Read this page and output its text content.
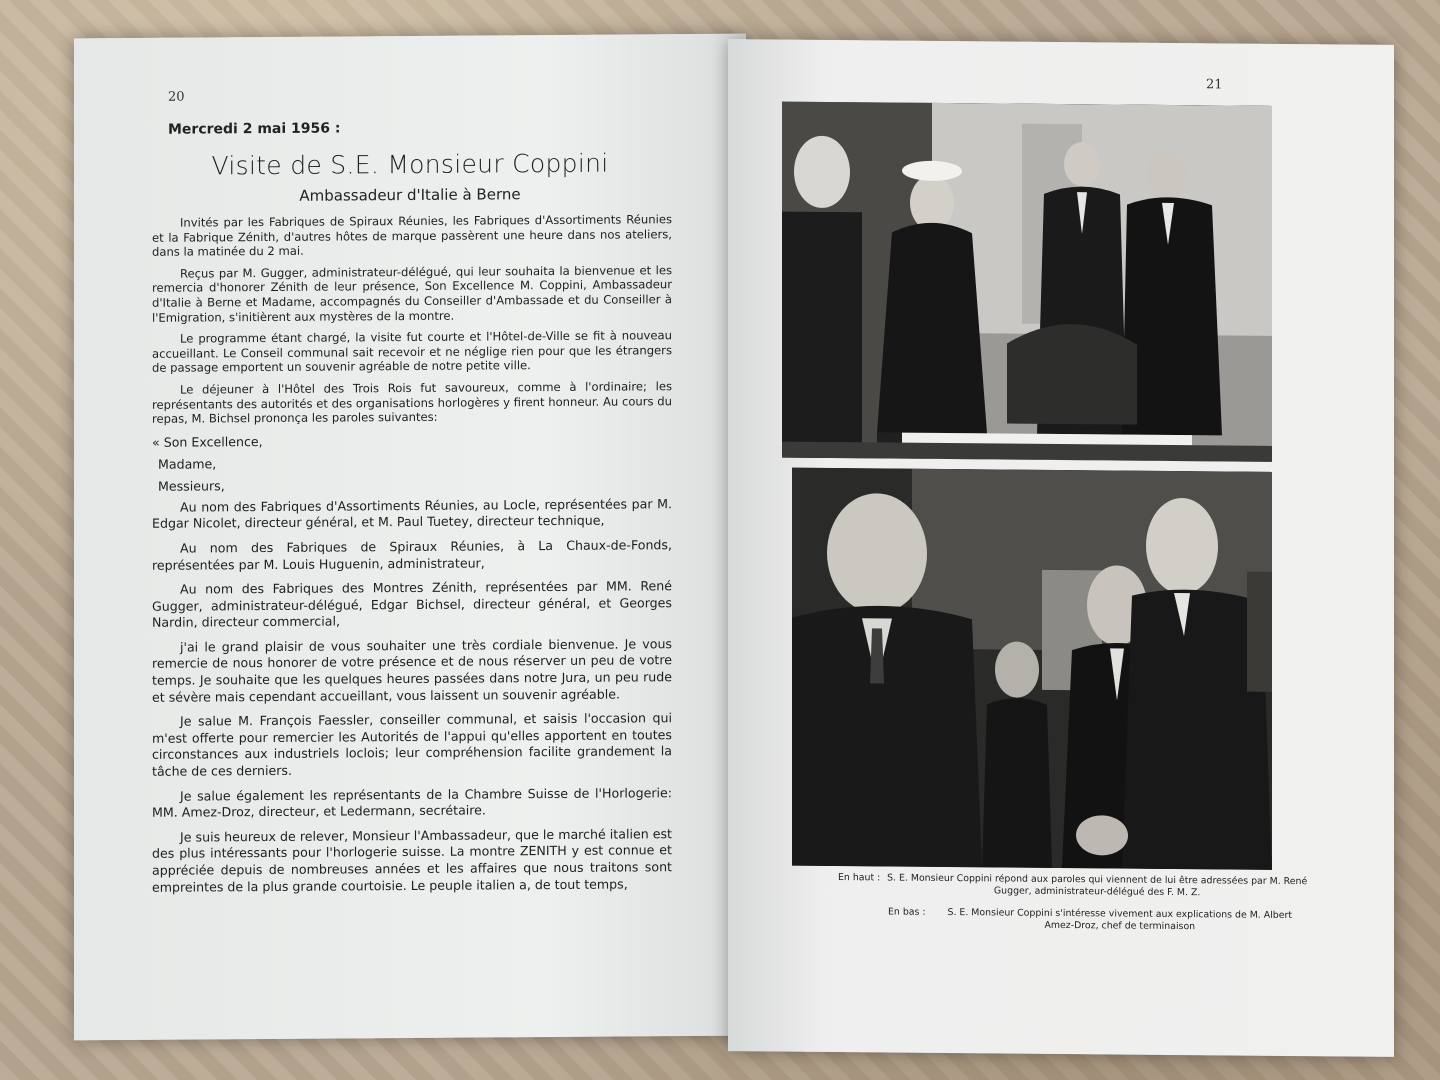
20
Mercredi 2 mai 1956 :
Visite de S.E. Monsieur Coppini
Ambassadeur d'Italie à Berne

Invités par les Fabriques de Spiraux Réunies, les Fabriques d'Assortiments Réunies et la Fabrique Zénith, d'autres hôtes de marque passèrent une heure dans nos ateliers, dans la matinée du 2 mai.

Reçus par M. Gugger, administrateur-délégué, qui leur souhaita la bienvenue et les remercia d'honorer Zénith de leur présence, Son Excellence M. Coppini, Ambassadeur d'Italie à Berne et Madame, accompagnés du Conseiller d'Ambassade et du Conseiller à l'Emigration, s'initièrent aux mystères de la montre.

Le programme étant chargé, la visite fut courte et l'Hôtel-de-Ville se fit à nouveau accueillant. Le Conseil communal sait recevoir et ne néglige rien pour que les étrangers de passage emportent un souvenir agréable de notre petite ville.

Le déjeuner à l'Hôtel des Trois Rois fut savoureux, comme à l'ordinaire; les représentants des autorités et des organisations horlogères y firent honneur. Au cours du repas, M. Bichsel prononça les paroles suivantes:

« Son Excellence,

Madame,

Messieurs,

Au nom des Fabriques d'Assortiments Réunies, au Locle, représentées par M. Edgar Nicolet, directeur général, et M. Paul Tuetey, directeur technique,

Au nom des Fabriques de Spiraux Réunies, à La Chaux-de-Fonds, représentées par M. Louis Huguenin, administrateur,

Au nom des Fabriques des Montres Zénith, représentées par MM. René Gugger, administrateur-délégué, Edgar Bichsel, directeur général, et Georges Nardin, directeur commercial,

j'ai le grand plaisir de vous souhaiter une très cordiale bienvenue. Je vous remercie de nous honorer de votre présence et de nous réserver un peu de votre temps. Je souhaite que les quelques heures passées dans notre Jura, un peu rude et sévère mais cependant accueillant, vous laissent un souvenir agréable.

Je salue M. François Faessler, conseiller communal, et saisis l'occasion qui m'est offerte pour remercier les Autorités de l'appui qu'elles apportent en toutes circonstances aux industriels loclois; leur compréhension facilite grandement la tâche de ces derniers.

Je salue également les représentants de la Chambre Suisse de l'Horlogerie: MM. Amez-Droz, directeur, et Ledermann, secrétaire.

Je suis heureux de relever, Monsieur l'Ambassadeur, que le marché italien est des plus intéressants pour l'horlogerie suisse. La montre ZENITH y est connue et appréciée depuis de nombreuses années et les affaires que nous traitons sont empreintes de la plus grande courtoisie. Le peuple italien a, de tout temps,

21
En haut : S. E. Monsieur Coppini répond aux paroles qui viennent de lui être adressées par M. René Gugger, administrateur-délégué des F. M. Z.
En bas :	S. E. Monsieur Coppini s'intéresse vivement aux explications de M. Albert Amez-Droz, chef de terminaison
